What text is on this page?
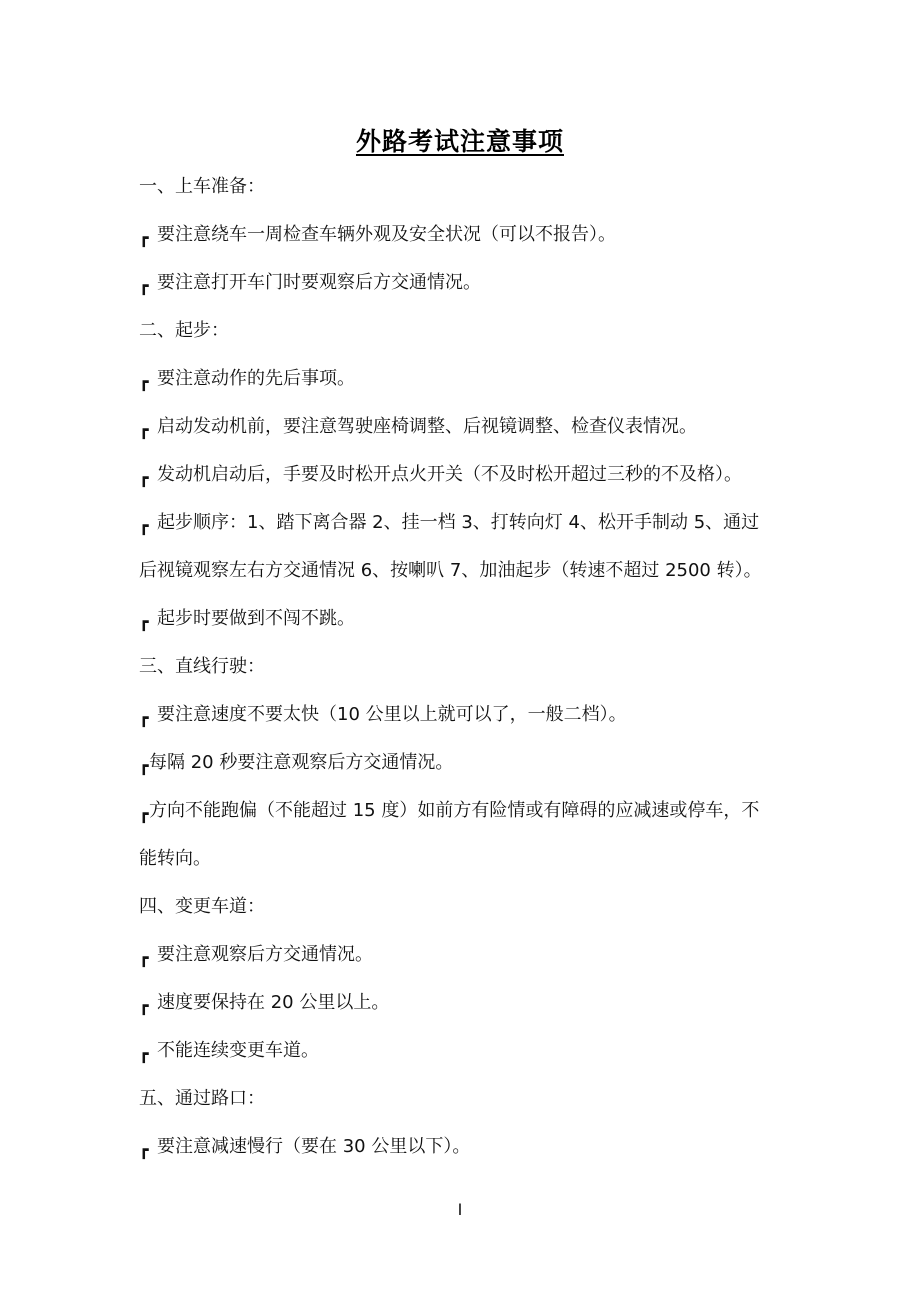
外路考试注意事项
一、上车准备：
┏ 要注意绕车一周检查车辆外观及安全状况（可以不报告）。
┏ 要注意打开车门时要观察后方交通情况。
二、起步：
┏ 要注意动作的先后事项。
┏ 启动发动机前，要注意驾驶座椅调整、后视镜调整、检查仪表情况。
┏ 发动机启动后，手要及时松开点火开关（不及时松开超过三秒的不及格）。
┏ 起步顺序：1、踏下离合器 2、挂一档 3、打转向灯 4、松开手制动 5、通过
后视镜观察左右方交通情况 6、按喇叭 7、加油起步（转速不超过 2500 转）。
┏ 起步时要做到不闯不跳。
三、直线行驶：
┏ 要注意速度不要太快（10 公里以上就可以了，一般二档）。
┏每隔 20 秒要注意观察后方交通情况。
┏方向不能跑偏（不能超过 15 度）如前方有险情或有障碍的应减速或停车，不
能转向。
四、变更车道：
┏ 要注意观察后方交通情况。
┏ 速度要保持在 20 公里以上。
┏ 不能连续变更车道。
五、通过路口：
┏ 要注意减速慢行（要在 30 公里以下）。
I
